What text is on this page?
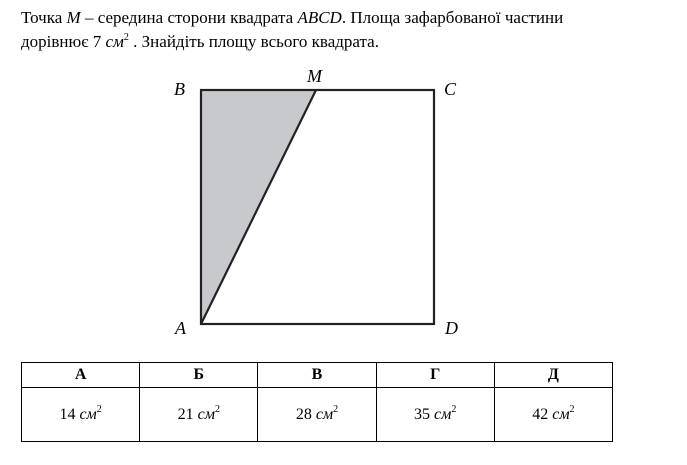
Точка M – середина сторони квадрата ABCD. Площа зафарбованої частини

дорівнює 7 $см^2$ . Знайдіть площу всього квадрата.

B
M
C
A	D
А	Б	В	Г	Д
14 $см^2$	21 $см^2$	28 $см^2$	35 $см^2$	42 $см^2$
